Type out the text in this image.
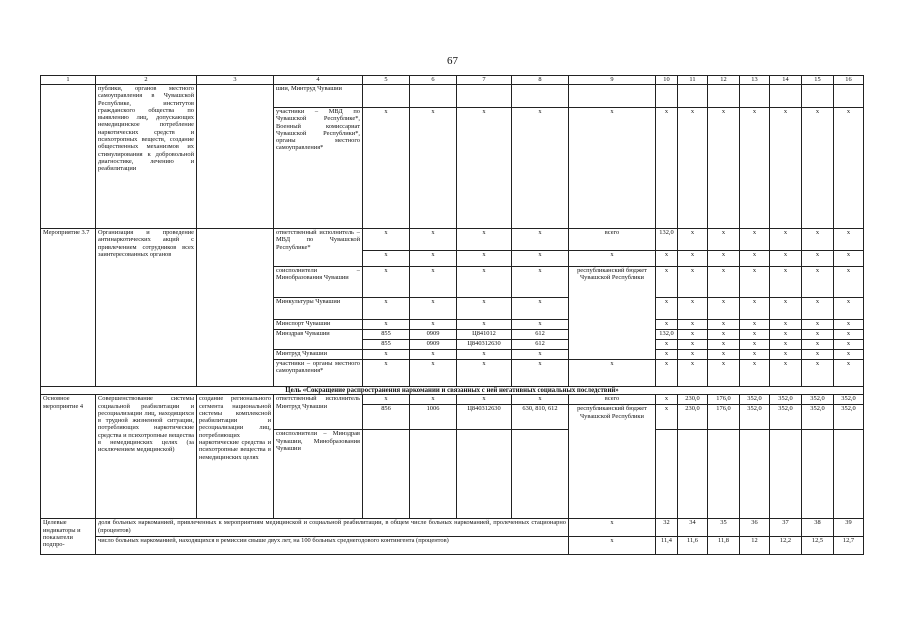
67
1	2	3	4	5	6	7	8	9	10	11	12	13	14	15	16
	публики, органов местного самоуправления в Чувашской Республике, институтов гражданского общества по выявлению лиц, допускающих немедицинское потребление наркотических средств и психотропных веществ, создание общественных механизмов их стимулирования к добровольной диагностике, лечению и реабилитации		шии, Минтруд Чувашии												
			участники – МВД по Чувашской Республике*, Военный комиссариат Чувашской Республики*, органы местного самоуправления*	x	x	x	x	x	x	x	x	x	x	x	x
Мероприятие 3.7	Организация и проведение антинаркотических акций с привлечением сотрудников всех заинтересованных органов		ответственный исполнитель – МВД по Чувашской Республике*	x	x	x	x	всего	132,0	x	x	x	x	x	x
				x	x	x	x	x	x	x	x	x	x	x	x
			соисполнители – Минобразования Чувашии	x	x	x	x	республиканский бюджет Чувашской Республики	x	x	x	x	x	x	x
			Минкультуры Чувашии	x	x	x	x		x	x	x	x	x	x	x
			Минспорт Чувашии	x	x	x	x		x	x	x	x	x	x	x
			Минздрав Чувашии	855	0909	Ц841012	612		132,0	x	x	x	x	x	x
				855	0909	Ц840312630	612		x	x	x	x	x	x	x
			Минтруд Чувашии	x	x	x	x		x	x	x	x	x	x	x
			участники – органы местного самоуправления*	x	x	x	x	x	x	x	x	x	x	x	x
Цель «Сокращение распространения наркомании и связанных с ней негативных социальных последствий»															
Основное мероприятие 4	Совершенствование системы социальной реабилитации и ресоциализации лиц, находящихся в трудной жизненной ситуации, потребляющих наркотические средства и психотропные вещества в немедицинских целях (за исключением медицинской)	создание регионального сегмента национальной системы комплексной реабилитации и ресоциализации лиц, потребляющих наркотические средства и психотропные вещества в немедицинских целях	ответственный исполнитель Минтруд Чувашии	x	x	x	x	всего	x	230,0	176,0	352,0	352,0	352,0	352,0
				856	1006	Ц840312630	630, 810, 612	республиканский бюджет Чувашской Республики	x	230,0	176,0	352,0	352,0	352,0	352,0
			соисполнители – Минздрав Чувашии, Минобразования Чувашии												
Целевые индикаторы и показатели подпро-	доля больных наркоманией, привлеченных к мероприятиям медицинской и социальной реабилитации, в общем числе больных наркоманией, пролеченных стационарно (процентов)							x	32	34	35	36	37	38	39
	число больных наркоманией, находящихся в ремиссии свыше двух лет, на 100 больных среднегодового контингента (процентов)							x	11,4	11,6	11,8	12	12,2	12,5	12,7
